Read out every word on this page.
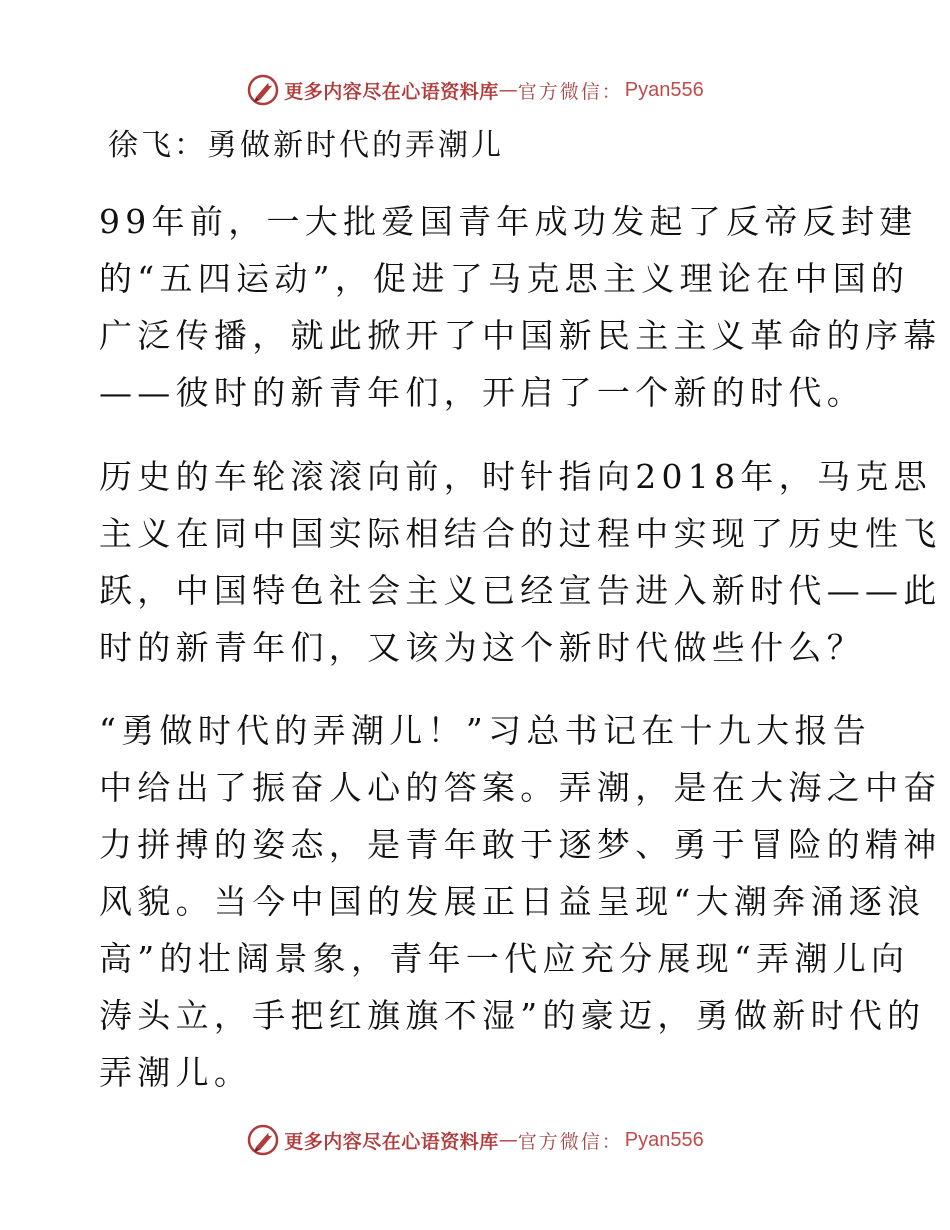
更多内容尽在心语资料库 — 官方微信 ： Pyan556
徐飞：勇做新时代的弄潮儿

99年前，一大批爱国青年成功发起了反帝反封建
的“五四运动”，促进了马克思主义理论在中国的
广泛传播，就此掀开了中国新民主主义革命的序幕
——彼时的新青年们，开启了一个新的时代。

历史的车轮滚滚向前，时针指向2018年，马克思
主义在同中国实际相结合的过程中实现了历史性飞
跃，中国特色社会主义已经宣告进入新时代——此
时的新青年们，又该为这个新时代做些什么？

“勇做时代的弄潮儿！”习总书记在十九大报告
中给出了振奋人心的答案。弄潮，是在大海之中奋
力拼搏的姿态，是青年敢于逐梦、勇于冒险的精神
风貌。当今中国的发展正日益呈现“大潮奔涌逐浪
高”的壮阔景象，青年一代应充分展现“弄潮儿向
涛头立，手把红旗旗不湿”的豪迈，勇做新时代的
弄潮儿。

更多内容尽在心语资料库 — 官方微信 ： Pyan556
